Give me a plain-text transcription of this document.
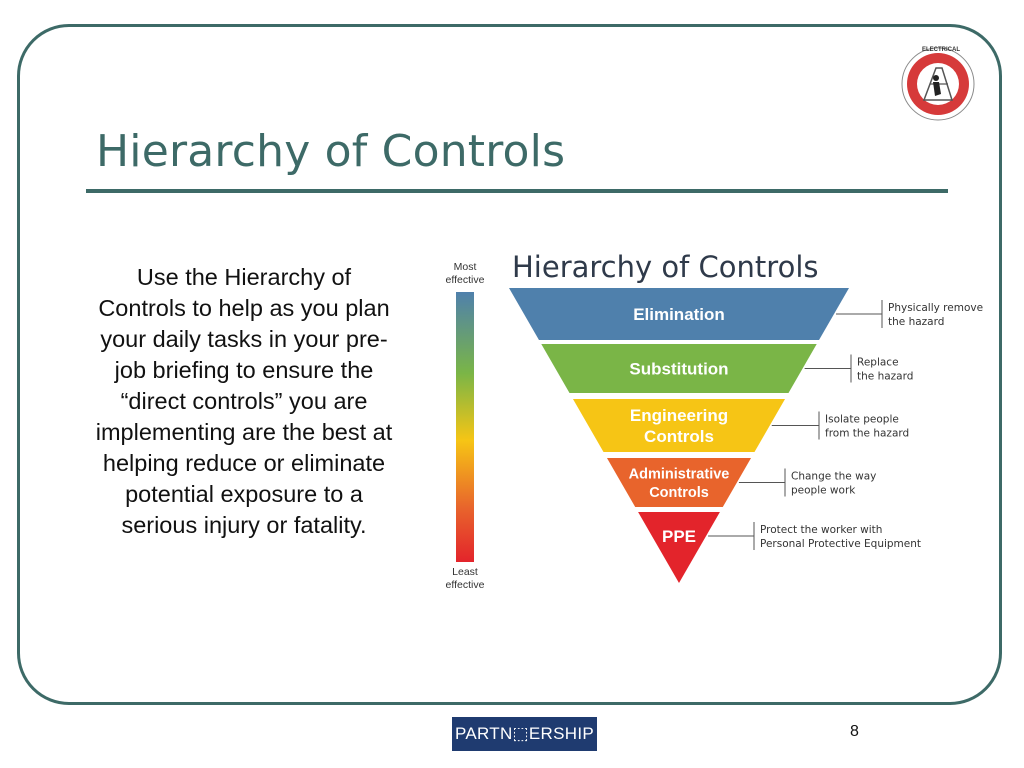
ELECTRICAL
Hierarchy of Controls
Use the Hierarchy of Controls to help as you plan your daily tasks in your pre-job briefing to ensure the “direct controls” you are implementing are the best at helping reduce or eliminate potential exposure to a serious injury or fatality.
Most
effective
Least
effective
Hierarchy of Controls
Elimination	Physically remove
the hazard
Substitution	Replace
the hazard
Engineering
Controls
Isolate people
from the hazard
Administrative
Controls
Change the way
people work
PPE	Protect the worker with
Personal Protective Equipment
PARTN⬚ERSHIP	8
